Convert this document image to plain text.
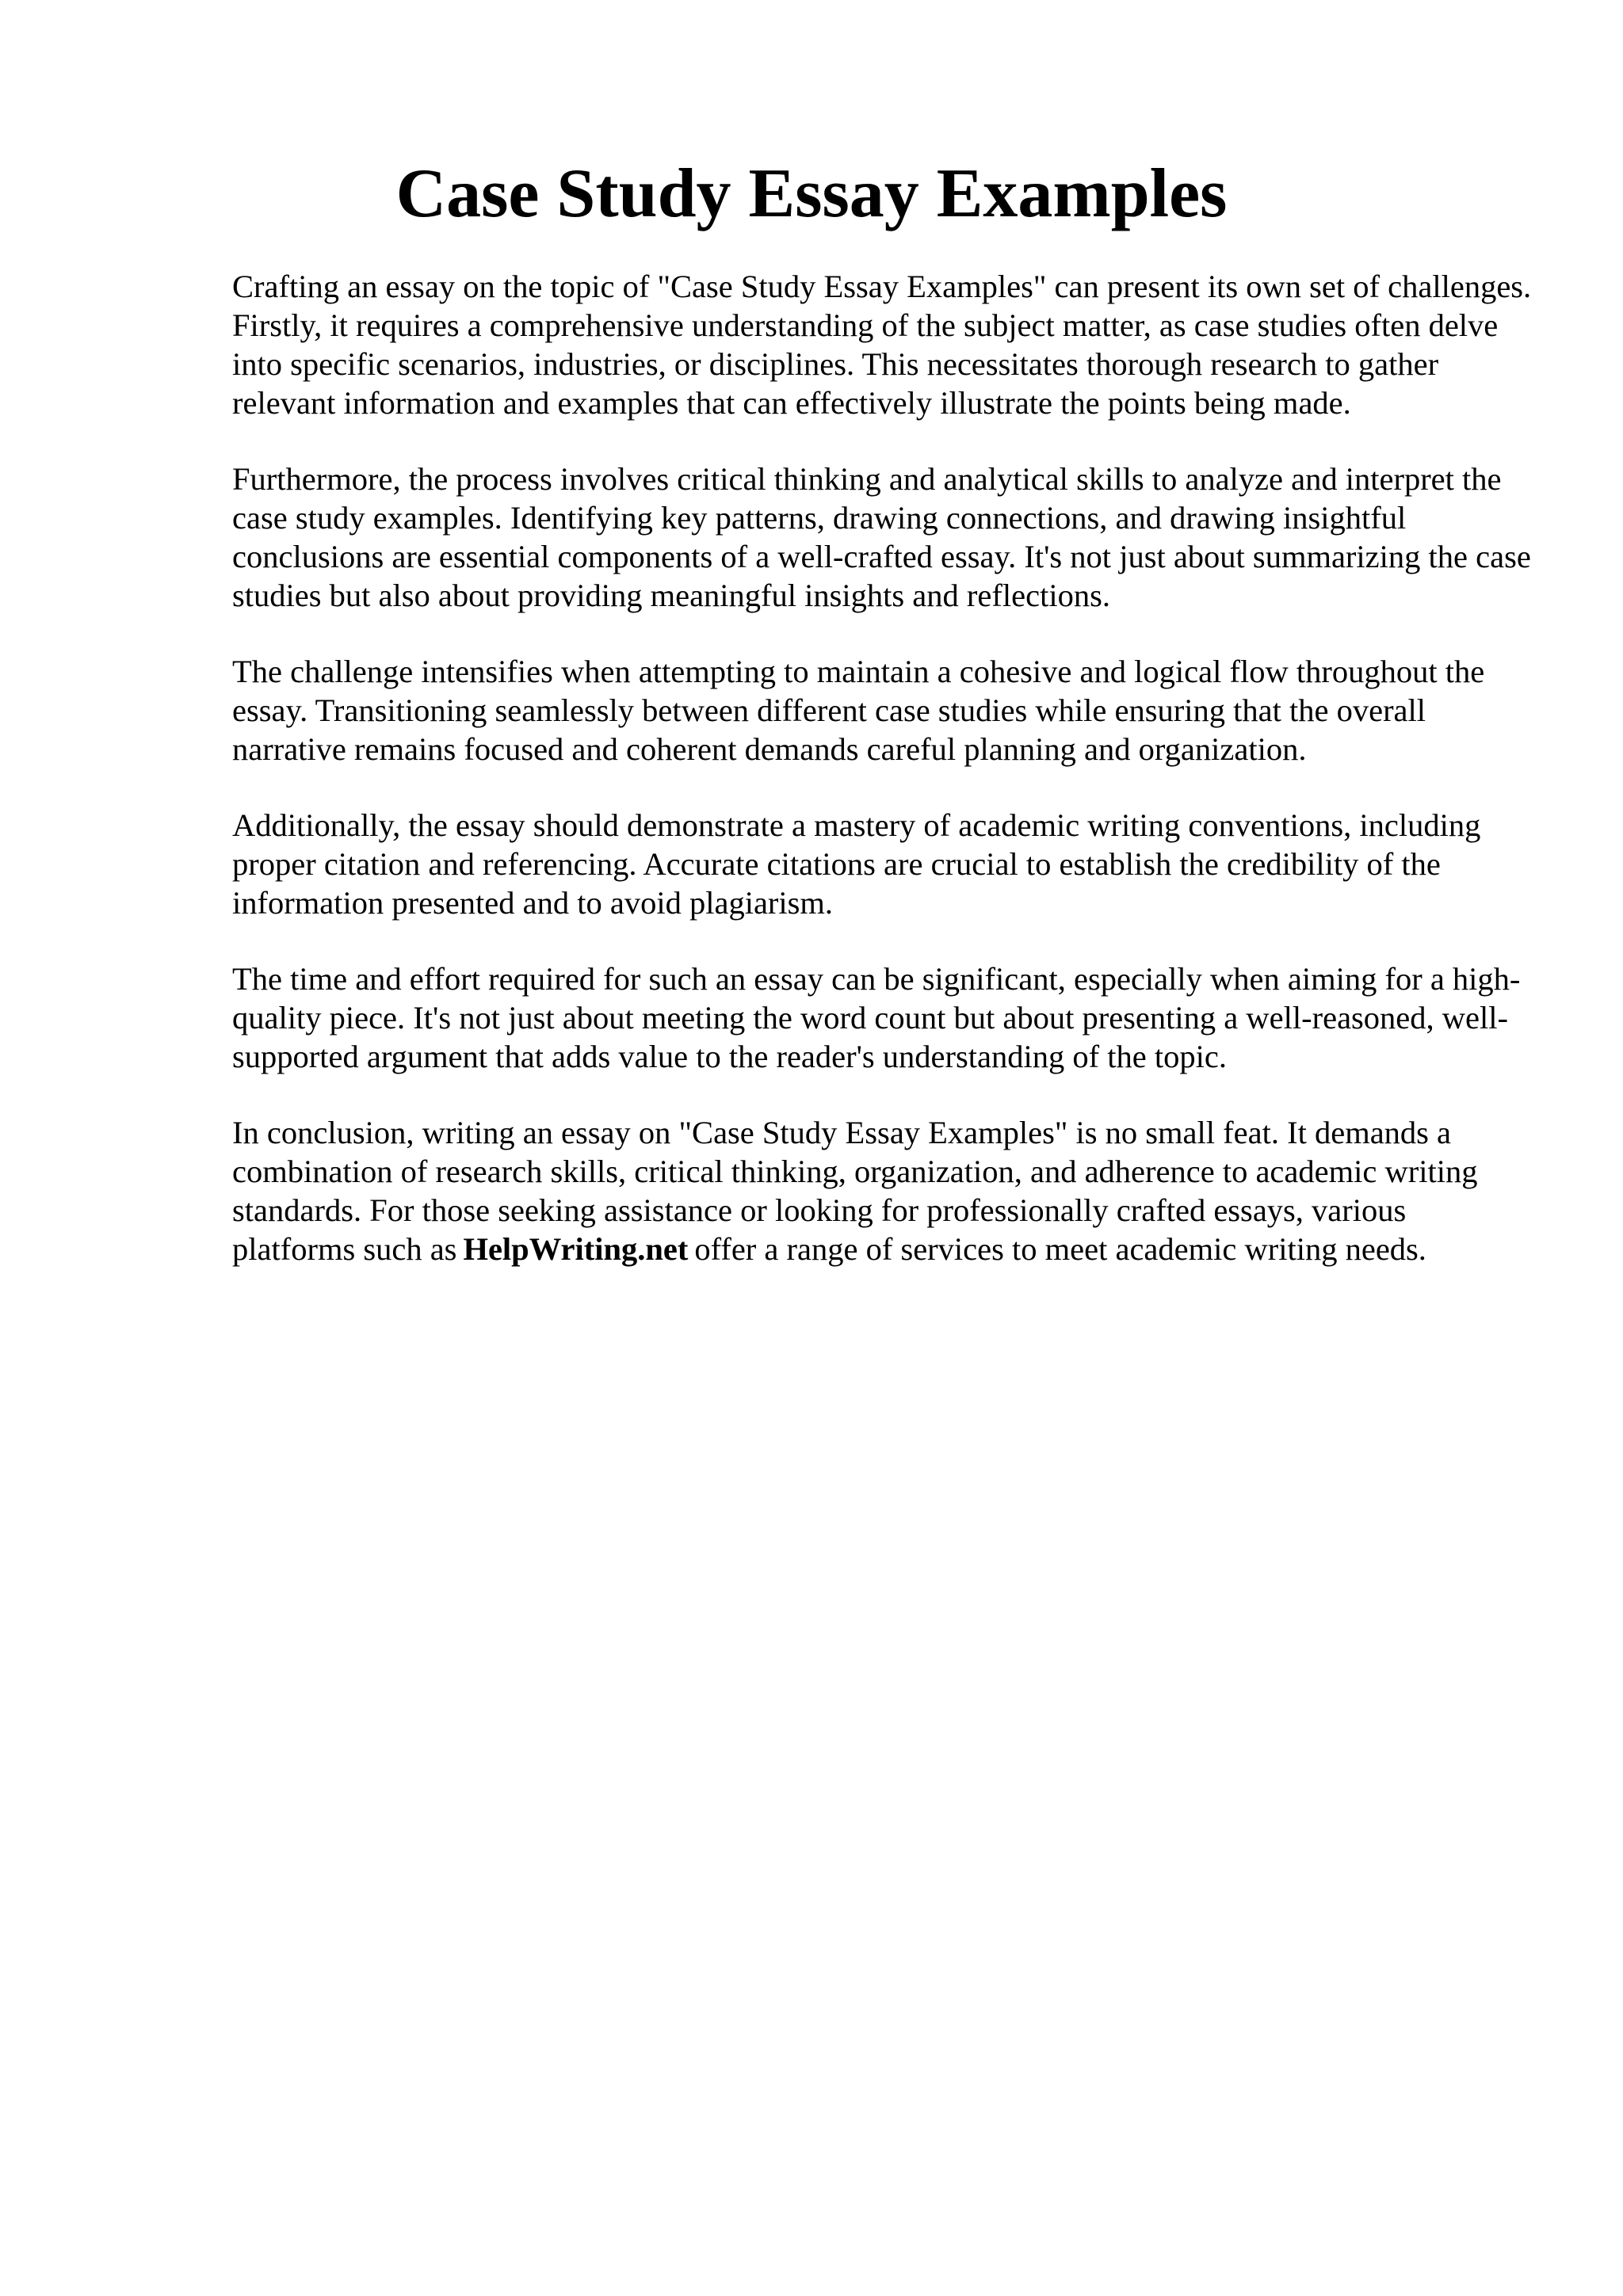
Case Study Essay Examples

Crafting an essay on the topic of "Case Study Essay Examples" can present its own set of challenges. Firstly, it requires a comprehensive understanding of the subject matter, as case studies often delve into specific scenarios, industries, or disciplines. This necessitates thorough research to gather relevant information and examples that can effectively illustrate the points being made.

Furthermore, the process involves critical thinking and analytical skills to analyze and interpret the case study examples. Identifying key patterns, drawing connections, and drawing insightful conclusions are essential components of a well-crafted essay. It's not just about summarizing the case studies but also about providing meaningful insights and reflections.

The challenge intensifies when attempting to maintain a cohesive and logical flow throughout the essay. Transitioning seamlessly between different case studies while ensuring that the overall narrative remains focused and coherent demands careful planning and organization.

Additionally, the essay should demonstrate a mastery of academic writing conventions, including proper citation and referencing. Accurate citations are crucial to establish the credibility of the information presented and to avoid plagiarism.

The time and effort required for such an essay can be significant, especially when aiming for a high-quality piece. It's not just about meeting the word count but about presenting a well-reasoned, well-supported argument that adds value to the reader's understanding of the topic.

In conclusion, writing an essay on "Case Study Essay Examples" is no small feat. It demands a combination of research skills, critical thinking, organization, and adherence to academic writing standards. For those seeking assistance or looking for professionally crafted essays, various platforms such as HelpWriting.net offer a range of services to meet academic writing needs.
